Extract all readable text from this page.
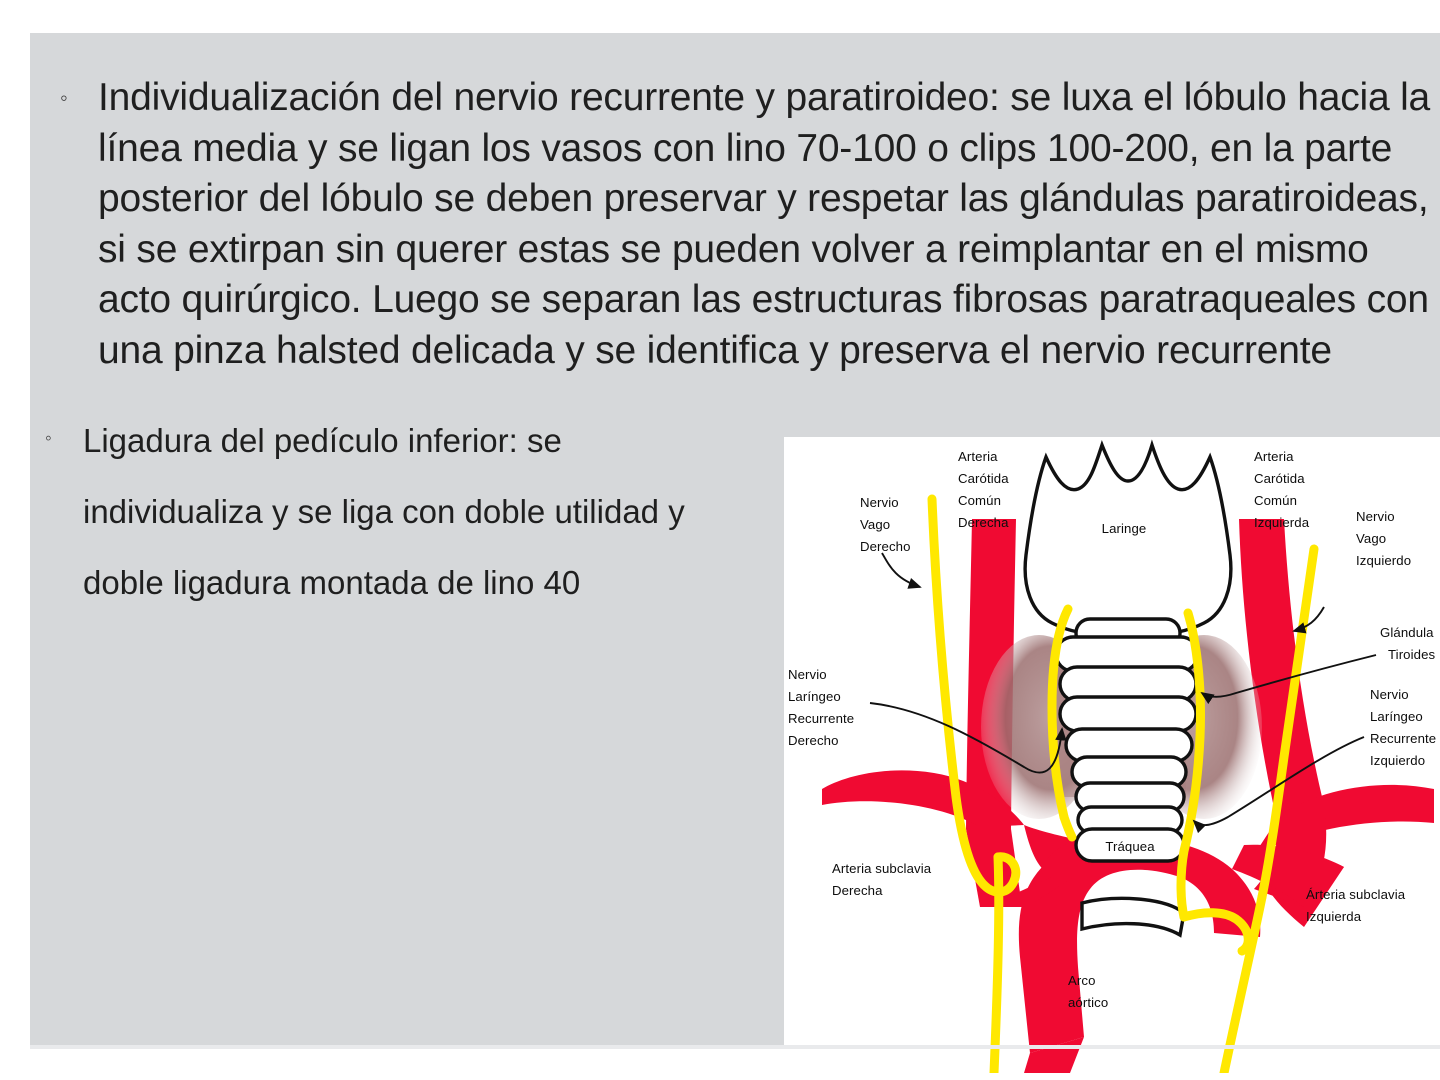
◦ Individualización del nervio recurrente y paratiroideo: se luxa el lóbulo hacia la línea media y se ligan los vasos con lino 70-100 o clips 100-200, en la parte posterior del lóbulo se deben preservar y respetar las glándulas paratiroideas, si se extirpan sin querer estas se pueden volver a reimplantar en el mismo acto quirúrgico. Luego se separan las estructuras fibrosas paratraqueales con una pinza halsted delicada y se identifica y preserva el nervio recurrente
◦ Ligadura del pedículo inferior: se individualiza y se liga con doble utilidad y doble ligadura montada de lino 40
Nervio
Vago
Derecho
Arteria
Carótida
Común
Derecha	Laringe
Arteria
Carótida
Común
Izquierda	Nervio
Vago
Izquierdo
Glándula
Tiroides
Nervio
Laríngeo
Recurrente
Derecho
Nervio
Laríngeo
Recurrente
Izquierdo
Tráquea
Arteria subclavia
Derecha	Árteria subclavia
Izquierda
Arco
aórtico
